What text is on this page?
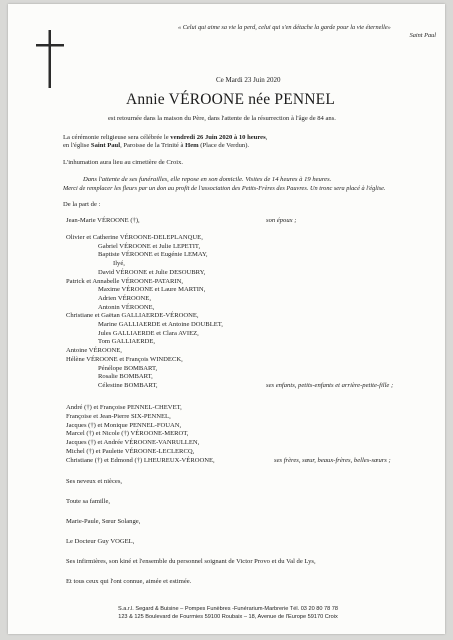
« Celui qui aime sa vie la perd, celui qui s'en détache la garde pour la vie éternelle»
Saint Paul
Ce Mardi 23 Juin 2020
Annie VÉROONE née PENNEL
est retournée dans la maison du Père, dans l'attente de la résurrection à l'âge de 84 ans.
La cérémonie religieuse sera célébrée le vendredi 26 Juin 2020 à 10 heures,
en l'église Saint Paul, Paroisse de la Trinité à Hem (Place de Verdun).
L'inhumation aura lieu au cimetière de Croix.
Dans l'attente de ses funérailles, elle repose en son domicile. Visites de 14 heures à 19 heures.
Merci de remplacer les fleurs par un don au profit de l'association des Petits-Frères des Pauvres. Un tronc sera placé à l'église.
De la part de :
Jean-Marie VÉROONE (†),	son époux ;
Olivier et Catherine VÉROONE-DELEPLANQUE,
Gabriel VÉROONE et Julie LEPETIT,
Baptiste VÉROONE et Eugénie LEMAY,
Ilyé,
David VÉROONE et Julie DESOUBRY,
Patrick et Annabelle VÉROONE-PATARIN,
Maxime VÉROONE et Laure MARTIN,
Adrien VÉROONE,
Antonin VÉROONE,
Christiane et Gaëtan GALLIAERDE-VÉROONE,
Marine GALLIAERDE et Antoine DOUBLET,
Jules GALLIAERDE et Clara AVIEZ,
Tom GALLIAERDE,
Antoine VÉROONE,
Hélène VÉROONE et François WINDECK,
Pénélope BOMBART,
Rosalie BOMBART,
Célestine BOMBART,	ses enfants, petits-enfants et arrière-petite-fille ;
André (†) et Françoise PENNEL-CHEVET,
Françoise et Jean-Pierre SIX-PENNEL,
Jacques (†) et Monique PENNEL-FOUAN,
Marcel (†) et Nicole (†) VÉROONE-MEROT,
Jacques (†) et Andrée VÉROONE-VANRULLEN,
Michel (†) et Paulette VÉROONE-LECLERCQ,
Christiane (†) et Edmond (†) LHEUREUX-VÉROONE,	ses frères, sœur, beaux-frères, belles-sœurs ;
Ses neveux et nièces,
Toute sa famille,
Marie-Paule, Sœur Solange,
Le Docteur Guy VOGEL,
Ses infirmières, son kiné et l'ensemble du personnel soignant de Victor Provo et du Val de Lys,
Et tous ceux qui l'ont connue, aimée et estimée.
S.a.r.l. Segard & Buisine – Pompes Funèbres -Funérarium-Marbrerie Tél. 03 20 80 78 78
123 & 125 Boulevard de Fourmies 59100 Roubaix – 18, Avenue de l'Europe 59170 Croix
